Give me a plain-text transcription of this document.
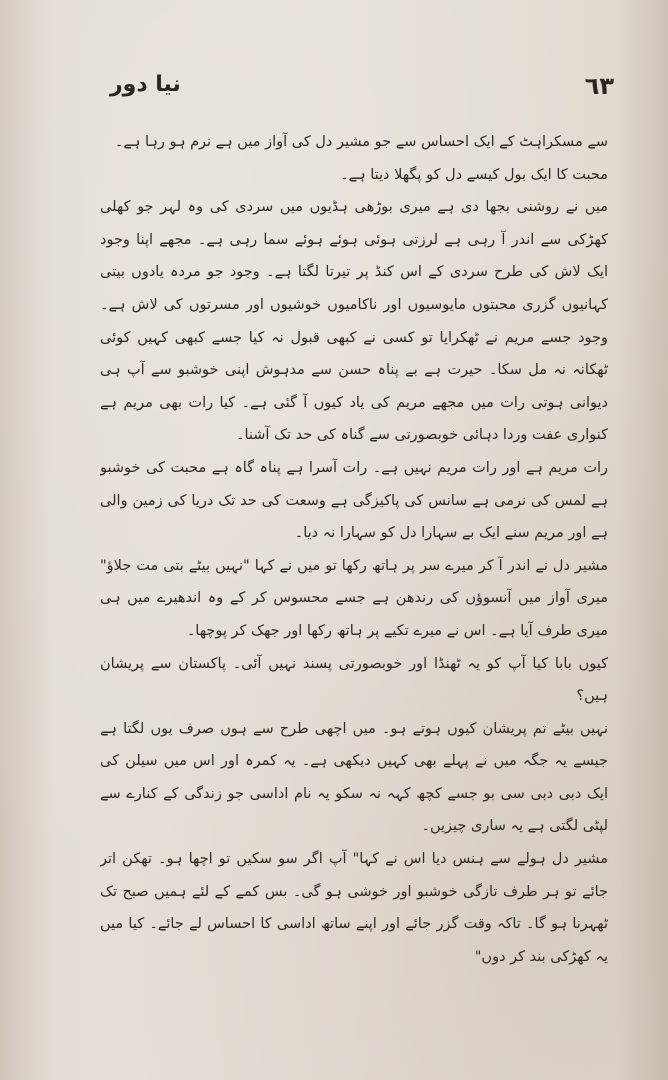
٦٣
نیا دور

سے مسکراہٹ کے ایک احساس سے جو مشیر دل کی آواز میں ہے نرم ہو رہا ہے۔

محبت کا ایک بول کیسے دل کو پگھلا دیتا ہے۔

میں نے روشنی بجھا دی ہے میری بوڑھی ہڈیوں میں سردی کی وہ لہر جو کھلی کھڑکی سے اندر آ رہی ہے لرزتی ہوئی ہوئے ہوئے سما رہی ہے۔ مجھے اپنا وجود ایک لاش کی طرح سردی کے اس کنڈ پر تیرتا لگتا ہے۔ وجود جو مردہ یادوں بیتی کہانیوں گزری محبتوں مایوسیوں اور ناکامیوں خوشیوں اور مسرتوں کی لاش ہے۔ وجود جسے مریم نے ٹھکرایا تو کسی نے کبھی قبول نہ کیا جسے کبھی کہیں کوئی ٹھکانہ نہ مل سکا۔ حیرت ہے بے پناہ حسن سے مدہوش اپنی خوشبو سے آپ ہی دیوانی ہوتی رات میں مجھے مریم کی یاد کیوں آ گئی ہے۔ کیا رات بھی مریم ہے کنواری عفت وردا دہائی خوبصورتی سے گناہ کی حد تک آشنا۔

رات مریم ہے اور رات مریم نہیں ہے۔ رات آسرا ہے پناہ گاہ ہے محبت کی خوشبو ہے لمس کی نرمی ہے سانس کی پاکیزگی ہے وسعت کی حد تک دریا کی زمین والی ہے اور مریم سنے ایک بے سہارا دل کو سہارا نہ دیا۔

مشیر دل نے اندر آ کر میرے سر پر ہاتھ رکھا تو میں نے کہا "نہیں بیٹے بتی مت جلاؤ" میری آواز میں آنسوؤں کی رندھن ہے جسے محسوس کر کے وہ اندھیرے میں ہی میری طرف آیا ہے۔ اس نے میرے تکیے پر ہاتھ رکھا اور جھک کر پوچھا۔

کیوں بابا کیا آپ کو یہ ٹھنڈا اور خوبصورتی پسند نہیں آئی۔ پاکستان سے پریشان ہیں؟

نہیں بیٹے تم پریشان کیوں ہوتے ہو۔ میں اچھی طرح سے ہوں صرف یوں لگتا ہے جیسے یہ جگہ میں نے پہلے بھی کہیں دیکھی ہے۔ یہ کمرہ اور اس میں سیلن کی ایک دبی دبی سی بو جسے کچھ کہہ نہ سکو یہ نام اداسی جو زندگی کے کنارے سے لپٹی لگتی ہے یہ ساری چیزیں۔

مشیر دل ہولے سے ہنس دیا اس نے کہا" آپ اگر سو سکیں تو اچھا ہو۔ تھکن اتر جائے تو ہر طرف تازگی خوشبو اور خوشی ہو گی۔ بس کمے کے لئے ہمیں صبح تک ٹھہرنا ہو گا۔ تاکہ وقت گزر جائے اور اپنے ساتھ اداسی کا احساس لے جائے۔ کیا میں یہ کھڑکی بند کر دوں"
